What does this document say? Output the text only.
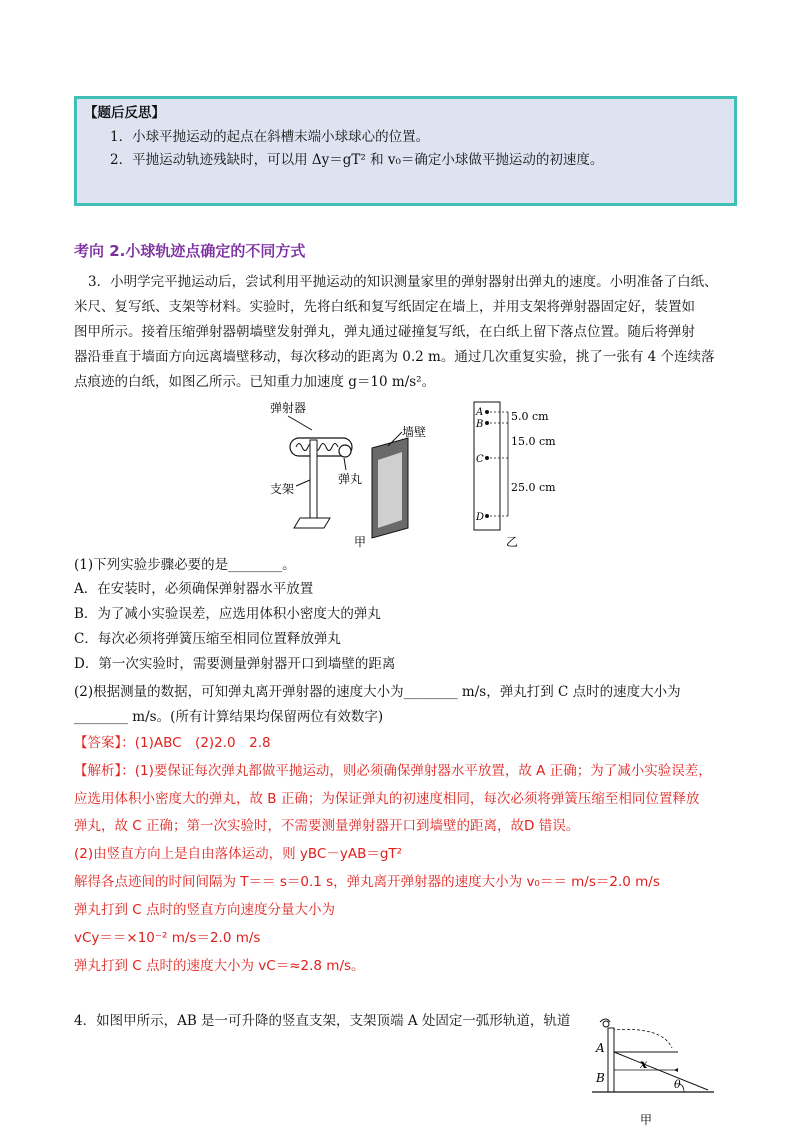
【题后反思】
1．小球平抛运动的起点在斜槽末端小球球心的位置。
2．平抛运动轨迹残缺时，可以用 Δy＝gT² 和 v₀＝确定小球做平抛运动的初速度。
考向 2.小球轨迹点确定的不同方式
3．小明学完平抛运动后，尝试利用平抛运动的知识测量家里的弹射器射出弹丸的速度。小明准备了白纸、
米尺、复写纸、支架等材料。实验时，先将白纸和复写纸固定在墙上，并用支架将弹射器固定好，装置如
图甲所示。接着压缩弹射器朝墙壁发射弹丸，弹丸通过碰撞复写纸，在白纸上留下落点位置。随后将弹射
器沿垂直于墙面方向远离墙壁移动，每次移动的距离为 0.2 m。通过几次重复实验，挑了一张有 4 个连续落
点痕迹的白纸，如图乙所示。已知重力加速度 g＝10 m/s²。
弹射器
支架
弹丸
墙壁
甲
A
B
C
D
5.0 cm
15.0 cm
25.0 cm
乙
(1)下列实验步骤必要的是________。
A．在安装时，必须确保弹射器水平放置
B．为了减小实验误差，应选用体积小密度大的弹丸
C．每次必须将弹簧压缩至相同位置释放弹丸
D．第一次实验时，需要测量弹射器开口到墙壁的距离
(2)根据测量的数据，可知弹丸离开弹射器的速度大小为________ m/s，弹丸打到 C 点时的速度大小为
________ m/s。(所有计算结果均保留两位有效数字)
【答案】：(1)ABC　(2)2.0　2.8
【解析】：(1)要保证每次弹丸都做平抛运动，则必须确保弹射器水平放置，故 A 正确；为了减小实验误差，
应选用体积小密度大的弹丸，故 B 正确；为保证弹丸的初速度相同，每次必须将弹簧压缩至相同位置释放
弹丸，故 C 正确；第一次实验时，不需要测量弹射器开口到墙壁的距离，故D 错误。
(2)由竖直方向上是自由落体运动，则 yBC－yAB＝gT²
解得各点迹间的时间间隔为 T＝＝ s＝0.1 s，弹丸离开弹射器的速度大小为 v₀＝＝ m/s＝2.0 m/s
弹丸打到 C 点时的竖直方向速度分量大小为
vCy＝＝×10⁻² m/s＝2.0 m/s
弹丸打到 C 点时的速度大小为 vC＝≈2.8 m/s。
4．如图甲所示，AB 是一可升降的竖直支架，支架顶端 A 处固定一弧形轨道，轨道
A
B
x
θ
甲
